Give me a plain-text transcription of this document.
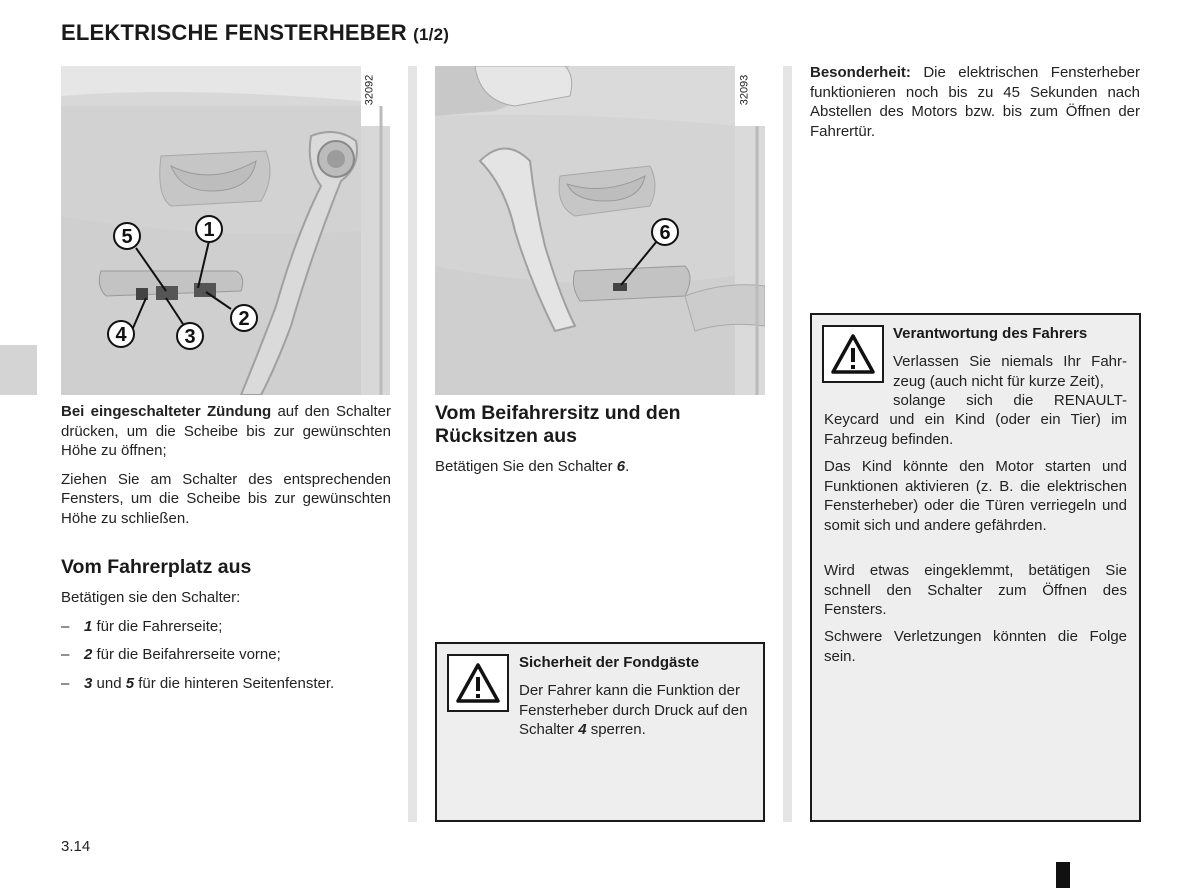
ELEKTRISCHE FENSTERHEBER (1/2)
5	1
2
3
4
32092
6
32093

Bei eingeschalteter Zündung auf den Schalter drücken, um die Scheibe bis zur gewünschten Höhe zu öffnen;

Ziehen Sie am Schalter des entsprechenden Fensters, um die Scheibe bis zur gewünschten Höhe zu schließen.

Vom Fahrerplatz aus

Betätigen sie den Schalter:

– 1 für die Fahrerseite;
– 2 für die Beifahrerseite vorne;
– 3 und 5 für die hinteren Seitenfenster.
Vom Beifahrersitz und den
Rücksitzen aus

Betätigen Sie den Schalter 6.

Sicherheit der Fondgäste
Der Fahrer kann die Funktion der Fensterheber durch Druck auf den Schalter 4 sperren.

Besonderheit: Die elektrischen Fensterheber funktionieren noch bis zu 45 Sekunden nach Abstellen des Motors bzw. bis zum Öffnen der Fahrertür.

Verantwortung des Fahrers
Verlassen Sie niemals Ihr Fahrzeug (auch nicht für kurze Zeit),
solange sich die RENAULT-
Keycard und ein Kind (oder ein Tier) im Fahrzeug befinden.
Das Kind könnte den Motor starten und Funktionen aktivieren (z. B. die elektrischen Fensterheber) oder die Türen verriegeln und somit sich und andere gefährden.
Wird etwas eingeklemmt, betätigen Sie schnell den Schalter zum Öffnen des Fensters.
Schwere Verletzungen könnten die Folge sein.
3.14
